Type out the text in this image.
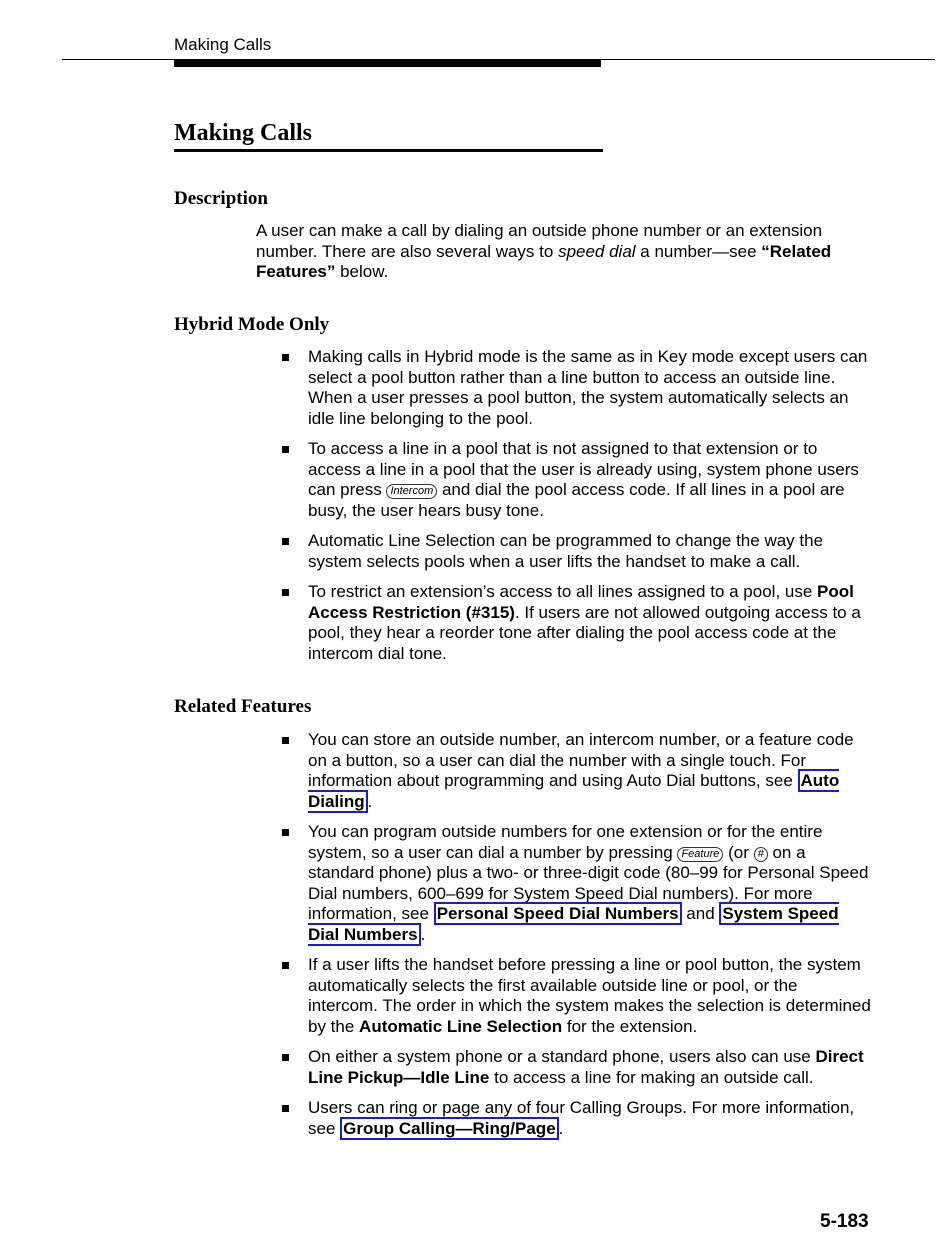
Making Calls
Making Calls
Description

A user can make a call by dialing an outside phone number or an extension number. There are also several ways to speed dial a number—see “Related Features” below.

Hybrid Mode Only
Making calls in Hybrid mode is the same as in Key mode except users can select a pool button rather than a line button to access an outside line. When a user presses a pool button, the system automatically selects an idle line belonging to the pool.
To access a line in a pool that is not assigned to that extension or to access a line in a pool that the user is already using, system phone users can press Intercom and dial the pool access code. If all lines in a pool are busy, the user hears busy tone.
Automatic Line Selection can be programmed to change the way the system selects pools when a user lifts the handset to make a call.
To restrict an extension’s access to all lines assigned to a pool, use Pool Access Restriction (#315). If users are not allowed outgoing access to a pool, they hear a reorder tone after dialing the pool access code at the intercom dial tone.
Related Features
You can store an outside number, an intercom number, or a feature code on a button, so a user can dial the number with a single touch. For information about programming and using Auto Dial buttons, see Auto Dialing .
You can program outside numbers for one extension or for the entire system, so a user can dial a number by pressing Feature (or # on a standard phone) plus a two- or three-digit code (80–99 for Personal Speed Dial numbers, 600–699 for System Speed Dial numbers). For more information, see Personal Speed Dial Numbers and System Speed Dial Numbers .
If a user lifts the handset before pressing a line or pool button, the system automatically selects the first available outside line or pool, or the intercom. The order in which the system makes the selection is determined by the Automatic Line Selection for the extension.
On either a system phone or a standard phone, users also can use Direct Line Pickup—Idle Line to access a line for making an outside call.
Users can ring or page any of four Calling Groups. For more information, see Group Calling—Ring/Page .
5-183
